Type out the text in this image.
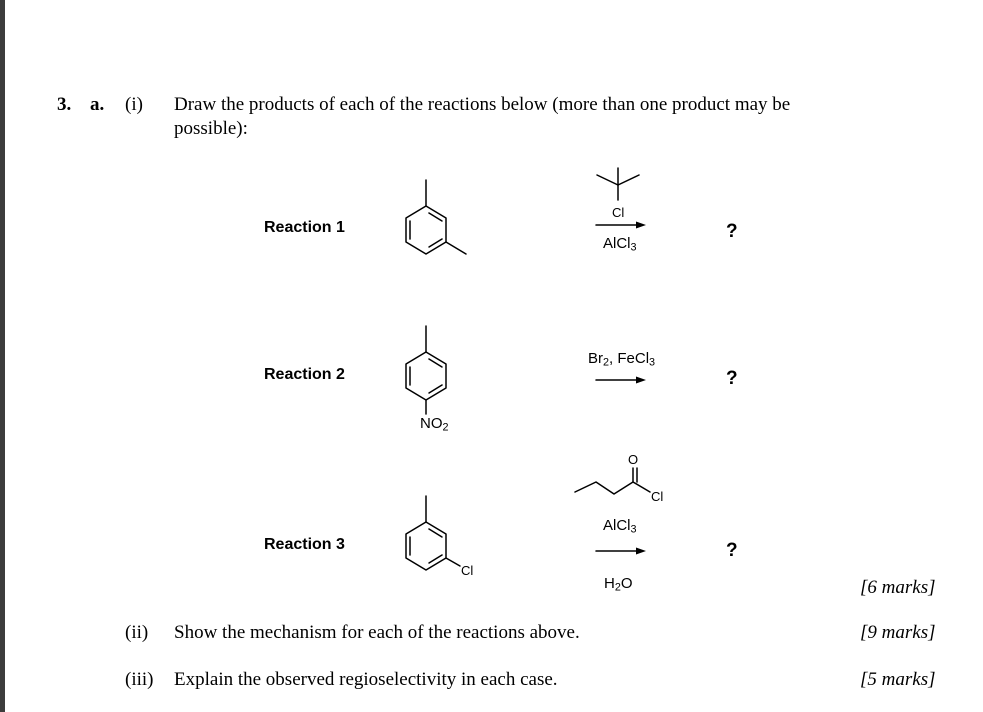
3. a. (i) Draw the products of each of the reactions below (more than one product may be
possible):
Reaction 1
Cl
AlCl$_3$
?
Reaction 2
$NO_2$
$Br_2$, FeCl$_3$
?
Reaction 3
Cl
O
Cl
AlCl$_3$
$H_2O$
?
[6 marks]
(ii) Show the mechanism for each of the reactions above.	[9 marks]
(iii) Explain the observed regioselectivity in each case.	[5 marks]
